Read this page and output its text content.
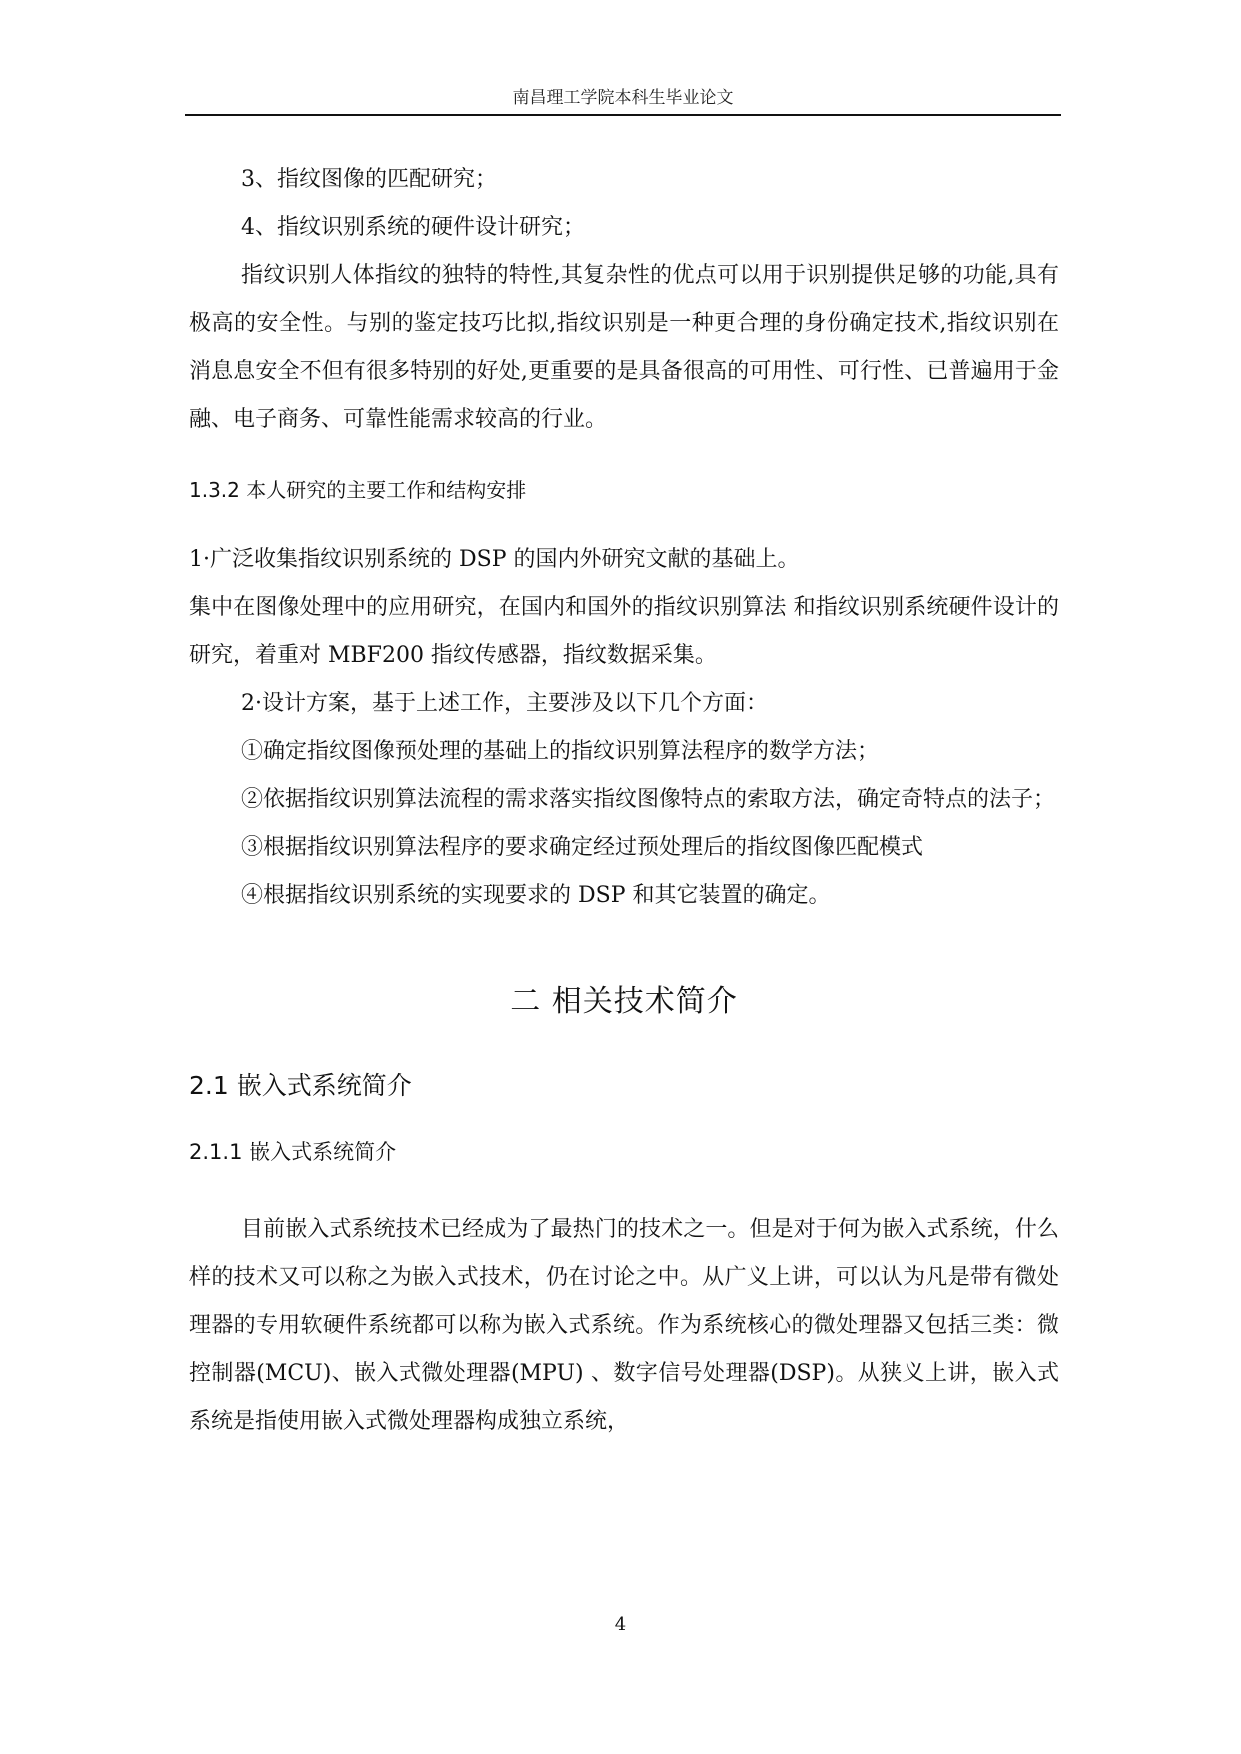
南昌理工学院本科生毕业论文

3、指纹图像的匹配研究；

4、指纹识别系统的硬件设计研究；

指纹识别人体指纹的独特的特性,其复杂性的优点可以用于识别提供足够的功能,具有极高的安全性。与别的鉴定技巧比拟,指纹识别是一种更合理的身份确定技术,指纹识别在消息息安全不但有很多特别的好处,更重要的是具备很高的可用性、可行性、已普遍用于金融、电子商务、可靠性能需求较高的行业。

1.3.2 本人研究的主要工作和结构安排

1·广泛收集指纹识别系统的 DSP 的国内外研究文献的基础上。

集中在图像处理中的应用研究，在国内和国外的指纹识别算法 和指纹识别系统硬件设计的研究，着重对 MBF200 指纹传感器，指纹数据采集。

2·设计方案，基于上述工作，主要涉及以下几个方面：

①确定指纹图像预处理的基础上的指纹识别算法程序的数学方法；

②依据指纹识别算法流程的需求落实指纹图像特点的索取方法，确定奇特点的法子；

③根据指纹识别算法程序的要求确定经过预处理后的指纹图像匹配模式

④根据指纹识别系统的实现要求的 DSP 和其它装置的确定。

二 相关技术简介
2.1 嵌入式系统简介
2.1.1 嵌入式系统简介

目前嵌入式系统技术已经成为了最热门的技术之一。但是对于何为嵌入式系统，什么样的技术又可以称之为嵌入式技术，仍在讨论之中。从广义上讲，可以认为凡是带有微处理器的专用软硬件系统都可以称为嵌入式系统。作为系统核心的微处理器又包括三类：微控制器(MCU)、嵌入式微处理器(MPU) 、数字信号处理器(DSP)。从狭义上讲，嵌入式系统是指使用嵌入式微处理器构成独立系统，

4
